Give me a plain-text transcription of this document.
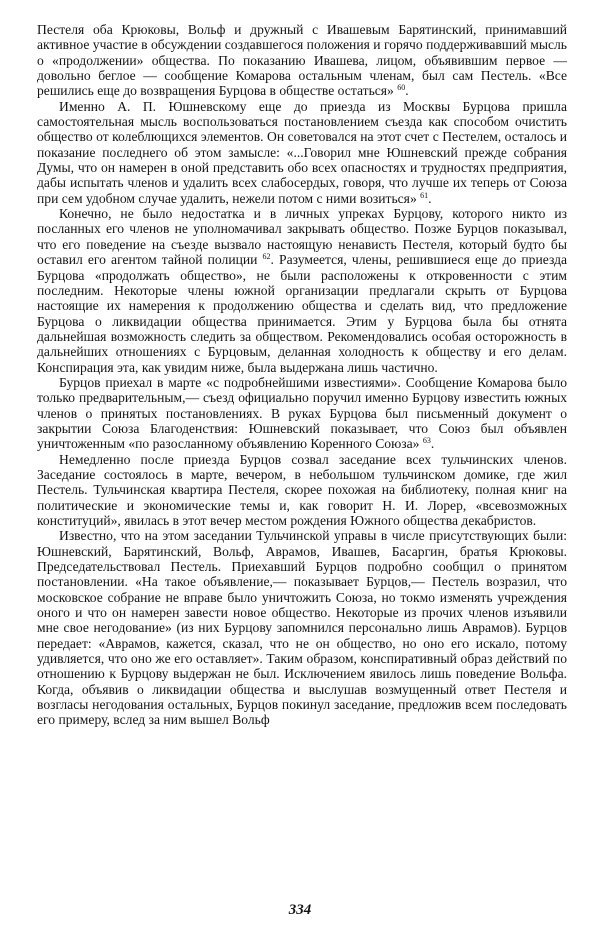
Пестеля оба Крюковы, Вольф и дружный с Ивашевым Барятинский, принимавший активное участие в обсуждении создавшегося положения и горячо поддерживавший мысль о «продолжении» общества. По показанию Ивашева, лицом, объявившим первое — довольно беглое — сообщение Комарова остальным членам, был сам Пестель. «Все решились еще до возвращения Бурцова в обществе остаться» $^{60}$.

Именно А. П. Юшневскому еще до приезда из Москвы Бурцова пришла самостоятельная мысль воспользоваться постановлением съезда как способом очистить общество от колеблющихся элементов. Он советовался на этот счет с Пестелем, осталось и показание последнего об этом замысле: «...Говорил мне Юшневский прежде собрания Думы, что он намерен в оной представить обо всех опасностях и трудностях предприятия, дабы испытать членов и удалить всех слабосердых, говоря, что лучше их теперь от Союза при сем удобном случае удалить, нежели потом с ними возиться» $^{61}$.

Конечно, не было недостатка и в личных упреках Бурцову, которого никто из посланных его членов не уполномачивал закрывать общество. Позже Бурцов показывал, что его поведение на съезде вызвало настоящую ненависть Пестеля, который будто бы оставил его агентом тайной полиции $^{62}$. Разумеется, члены, решившиеся еще до приезда Бурцова «продолжать общество», не были расположены к откровенности с этим последним. Некоторые члены южной организации предлагали скрыть от Бурцова настоящие их намерения к продолжению общества и сделать вид, что предложение Бурцова о ликвидации общества принимается. Этим у Бурцова была бы отнята дальнейшая возможность следить за обществом. Рекомендовались особая осторожность в дальнейших отношениях с Бурцовым, деланная холодность к обществу и его делам. Конспирация эта, как увидим ниже, была выдержана лишь частично.

Бурцов приехал в марте «с подробнейшими известиями». Сообщение Комарова было только предварительным,— съезд официально поручил именно Бурцову известить южных членов о принятых постановлениях. В руках Бурцова был письменный документ о закрытии Союза Благоденствия: Юшневский показывает, что Союз был объявлен уничтоженным «по разосланному объявлению Коренного Союза» $^{63}$.

Немедленно после приезда Бурцов созвал заседание всех тульчинских членов. Заседание состоялось в марте, вечером, в небольшом тульчинском домике, где жил Пестель. Тульчинская квартира Пестеля, скорее похожая на библиотеку, полная книг на политические и экономические темы и, как говорит Н. И. Лорер, «всевозможных конституций», явилась в этот вечер местом рождения Южного общества декабристов.

Известно, что на этом заседании Тульчинской управы в числе присутствующих были: Юшневский, Барятинский, Вольф, Аврамов, Ивашев, Басаргин, братья Крюковы. Председательствовал Пестель. Приехавший Бурцов подробно сообщил о принятом постановлении. «На такое объявление,— показывает Бурцов,— Пестель возразил, что московское собрание не вправе было уничтожить Союза, но токмо изменять учреждения оного и что он намерен завести новое общество. Некоторые из прочих членов изъявили мне свое негодование» (из них Бурцову запомнился персонально лишь Аврамов). Бурцов передает: «Аврамов, кажется, сказал, что не он общество, но оно его искало, потому удивляется, что оно же его оставляет». Таким образом, конспиративный образ действий по отношению к Бурцову выдержан не был. Исключением явилось лишь поведение Вольфа. Когда, объявив о ликвидации общества и выслушав возмущенный ответ Пестеля и возгласы негодования остальных, Бурцов покинул заседание, предложив всем последовать его примеру, вслед за ним вышел Вольф

334
